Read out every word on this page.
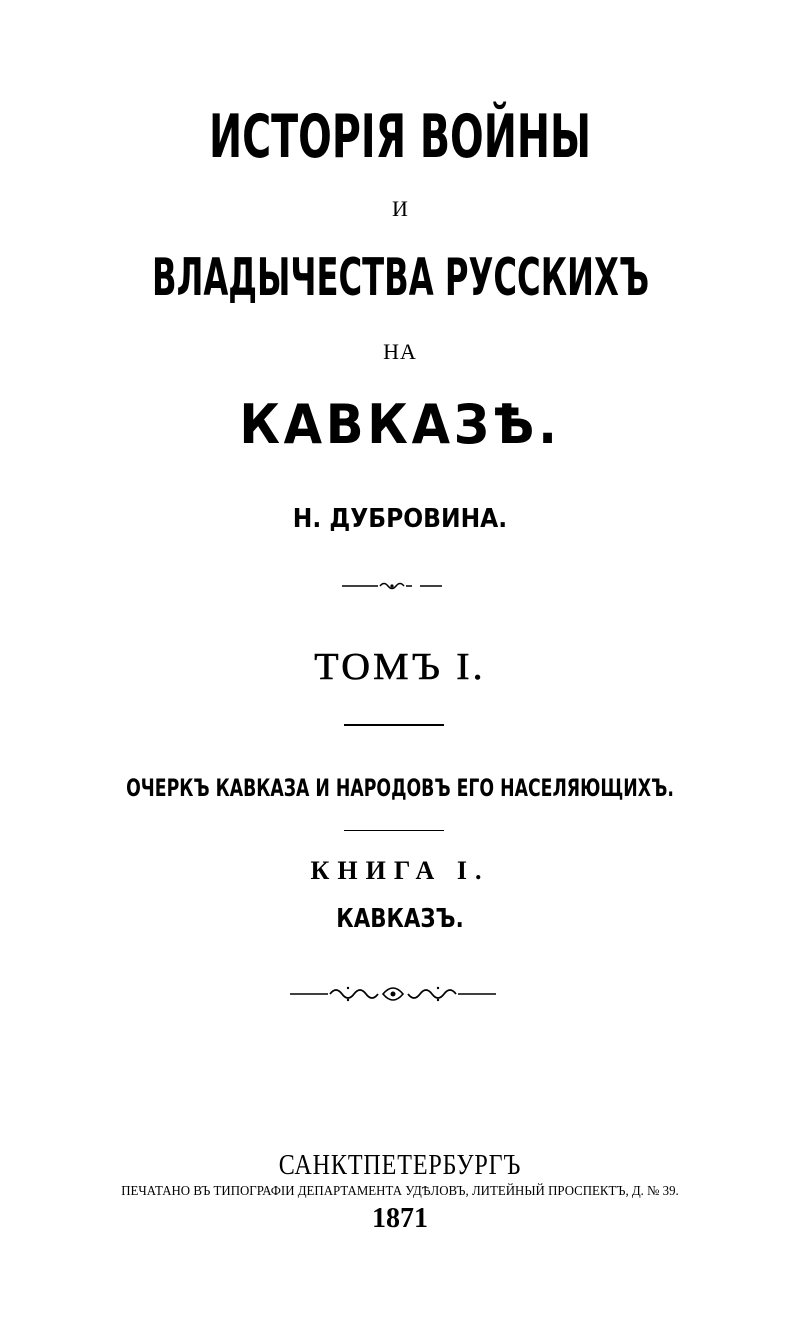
ИСТОРІЯ ВОЙНЫ
И
ВЛАДЫЧЕСТВА РУССКИХЪ
НА
КАВКАЗѢ.
Н. ДУБРОВИНА.
ТОМЪ I.
ОЧЕРКЪ КАВКАЗА И НАРОДОВЪ ЕГО НАСЕЛЯЮЩИХЪ.
КНИГА I.
КАВКАЗЪ.
САНКТПЕТЕРБУРГЪ
ПЕЧАТАНО ВЪ ТИПОГРАФІИ ДЕПАРТАМЕНТА УДѢЛОВЪ, ЛИТЕЙНЫЙ ПРОСПЕКТЪ, Д. № 39.
1871
